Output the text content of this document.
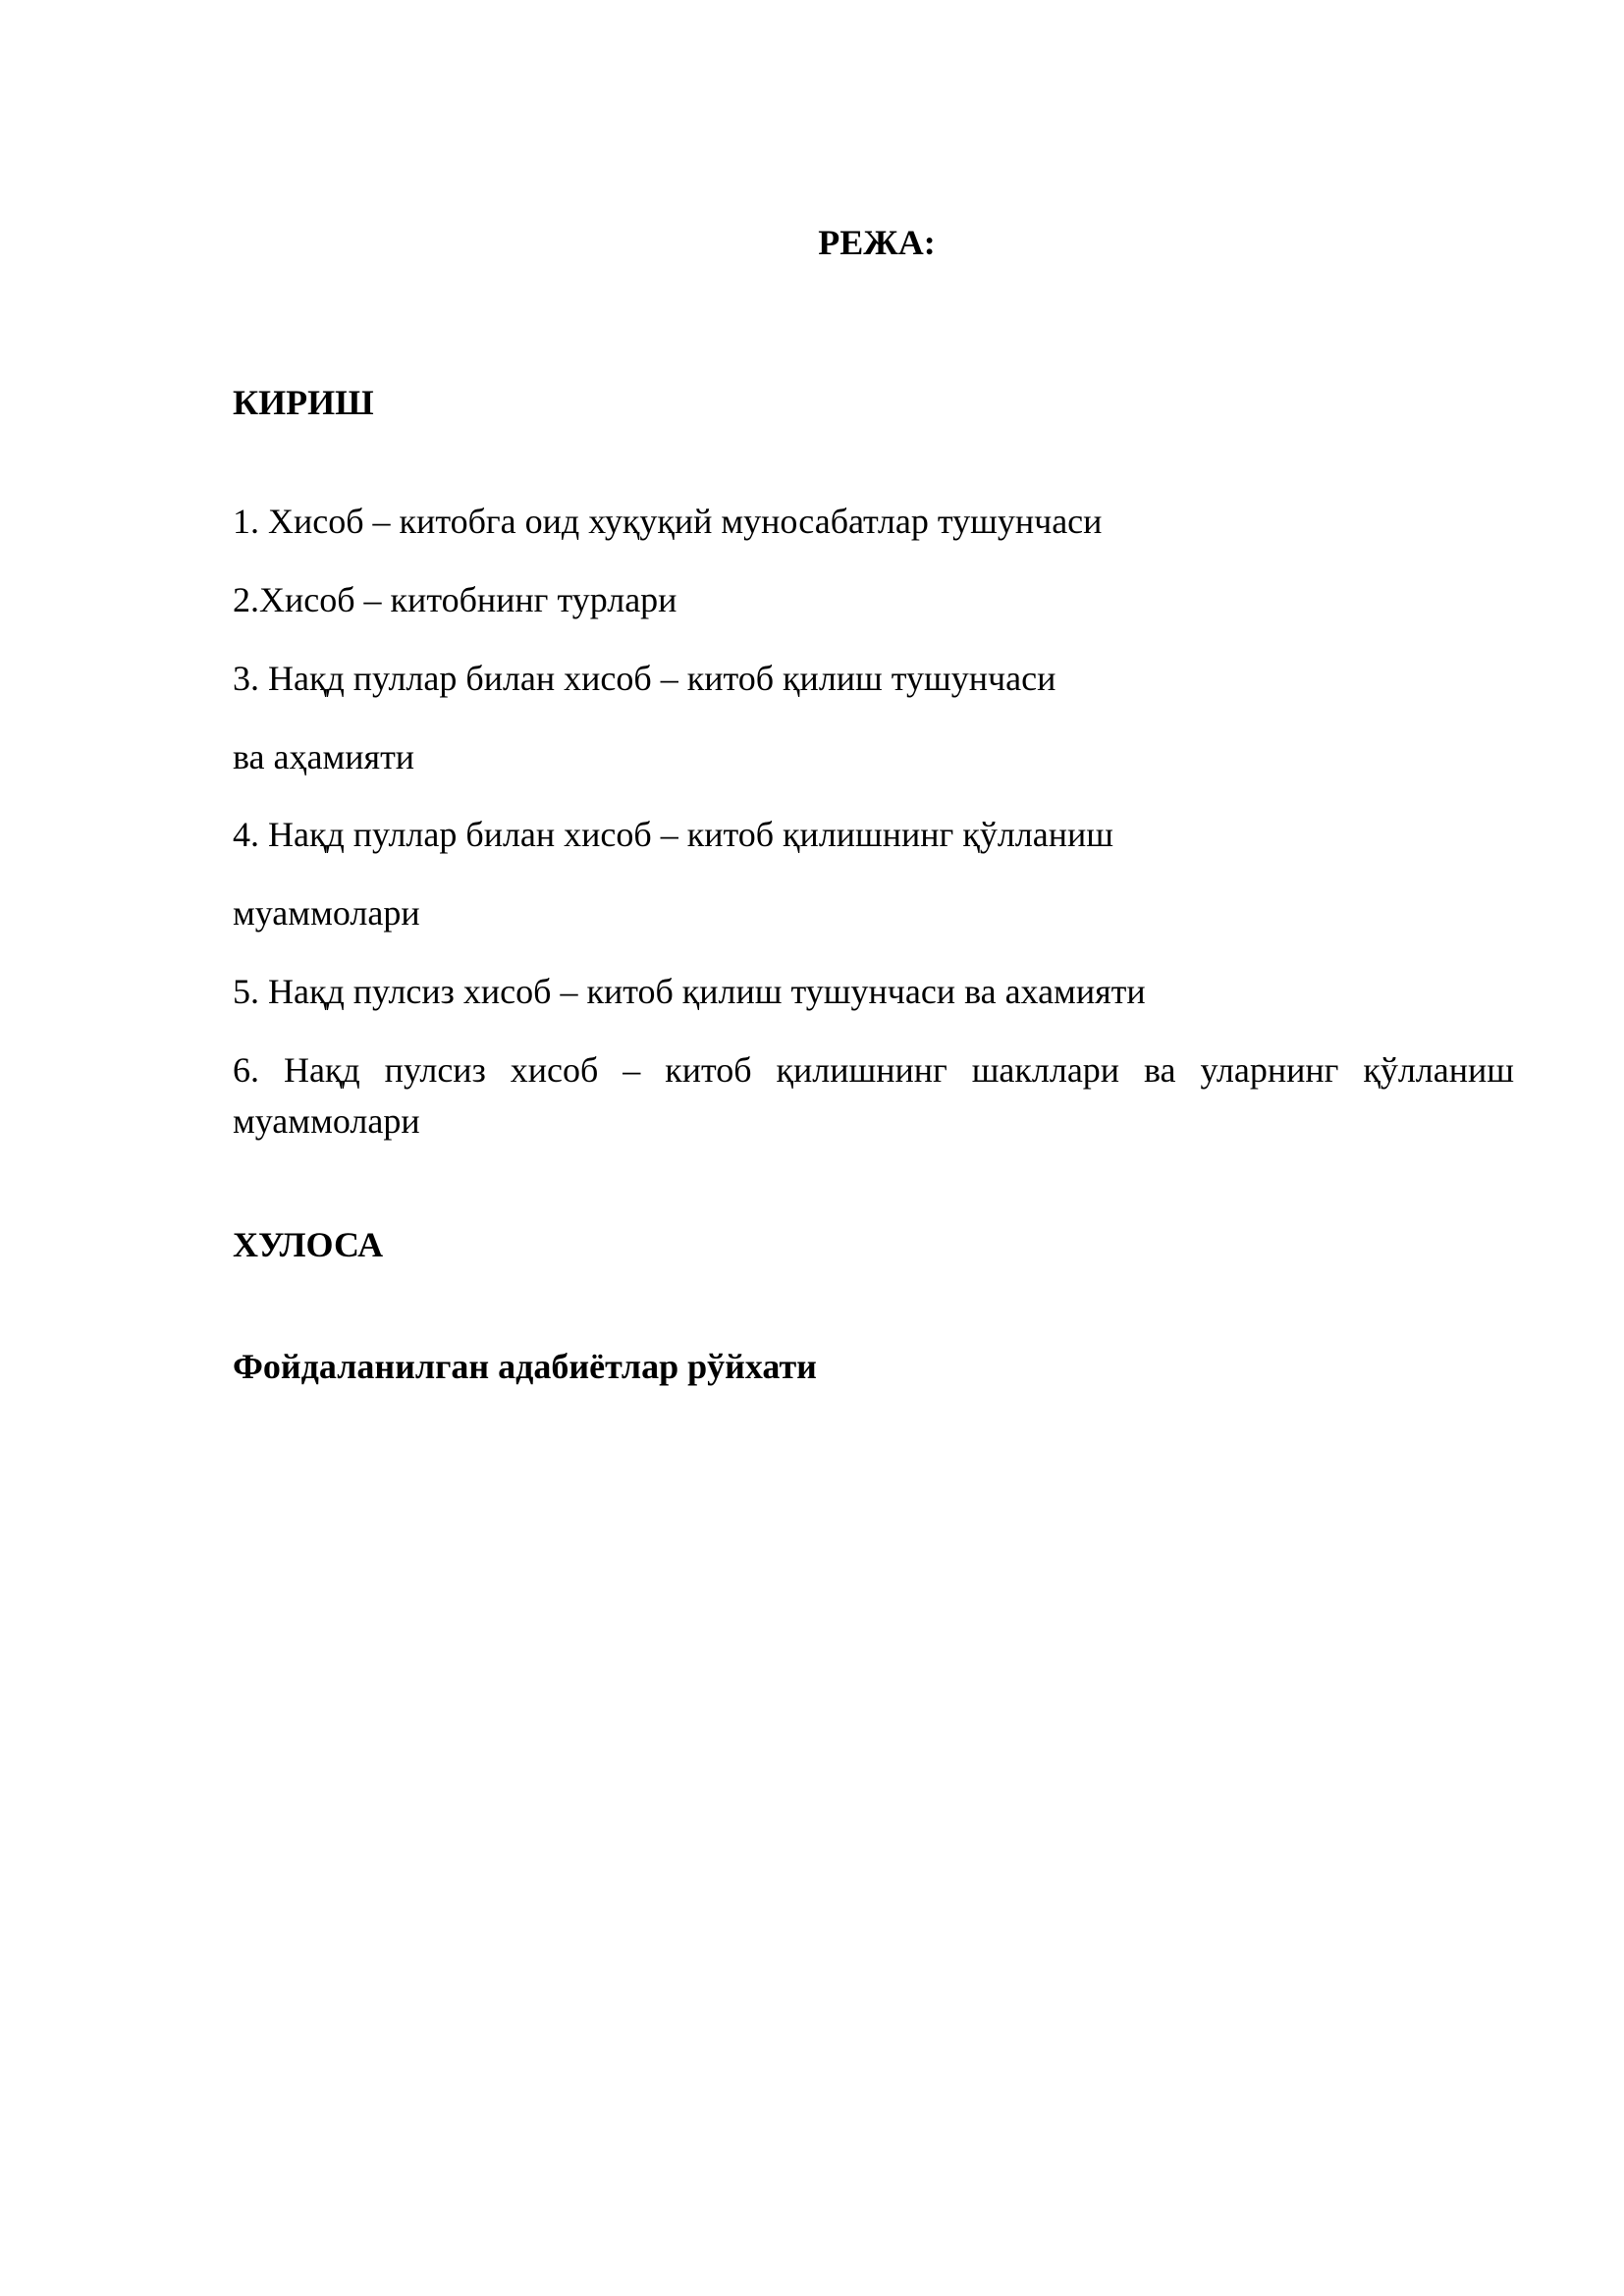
РЕЖА:
КИРИШ
1. Хисоб – китобга оид хуқуқий муносабатлар тушунчаси
2.Хисоб – китобнинг турлари
3. Нақд пуллар билан хисоб – китоб қилиш тушунчаси
ва аҳамияти
4. Нақд пуллар билан хисоб – китоб қилишнинг қўлланиш
муаммолари
5. Нақд пулсиз хисоб – китоб қилиш тушунчаси ва ахамияти
6. Нақд пулсиз хисоб – китоб қилишнинг шакллари ва уларнинг қўлланиш
муаммолари
ХУЛОСА
Фойдаланилган адабиётлар рўйхати
